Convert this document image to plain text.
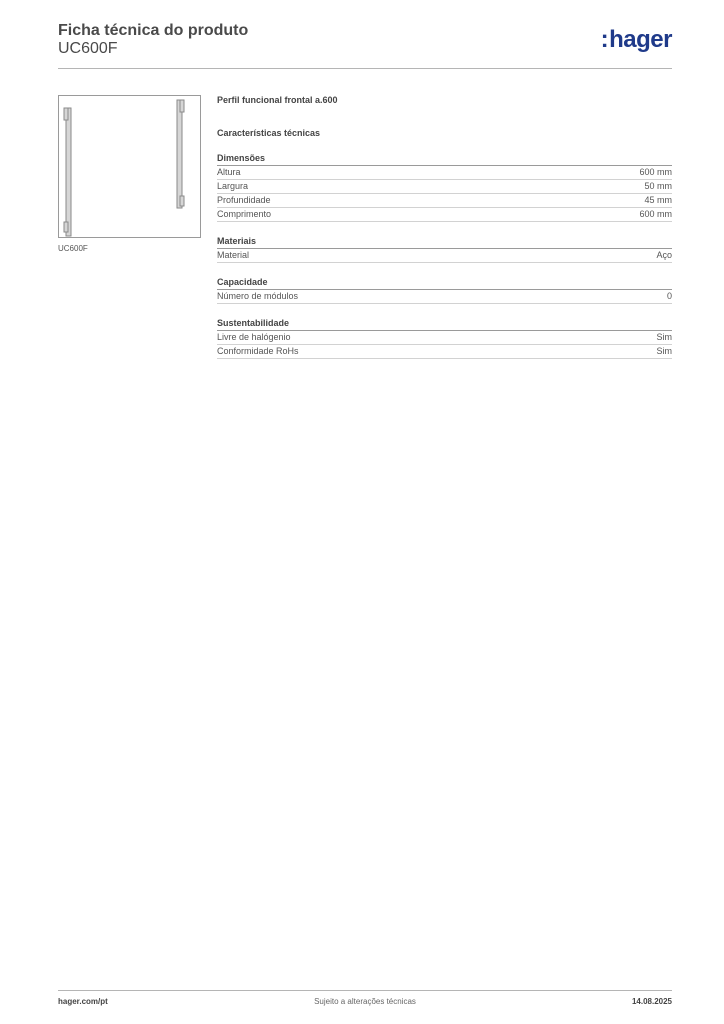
Ficha técnica do produto
UC600F	:hager
UC600F
Perfil funcional frontal a.600
Características técnicas
Dimensões
Altura	600 mm
Largura	50 mm
Profundidade	45 mm
Comprimento	600 mm
Materiais
Material	Aço
Capacidade
Número de módulos	0
Sustentabilidade
Livre de halógenio	Sim
Conformidade RoHs	Sim
hager.com/pt	Sujeito a alterações técnicas	14.08.2025
